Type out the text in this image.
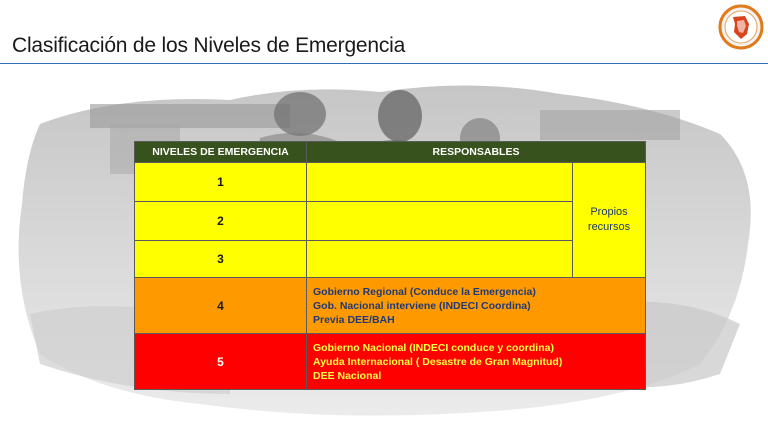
Clasificación de los Niveles de Emergencia
NIVELES DE EMERGENCIA	RESPONSABLES	
1		Propios
recursos
2		
3		
4	Gobierno Regional (Conduce la Emergencia)
Gob. Nacional interviene (INDECI Coordina)
Previa DEE/BAH	

5	Gobierno Nacional (INDECI conduce y coordina)
Ayuda Internacional ( Desastre de Gran Magnitud)
DEE Nacional	
